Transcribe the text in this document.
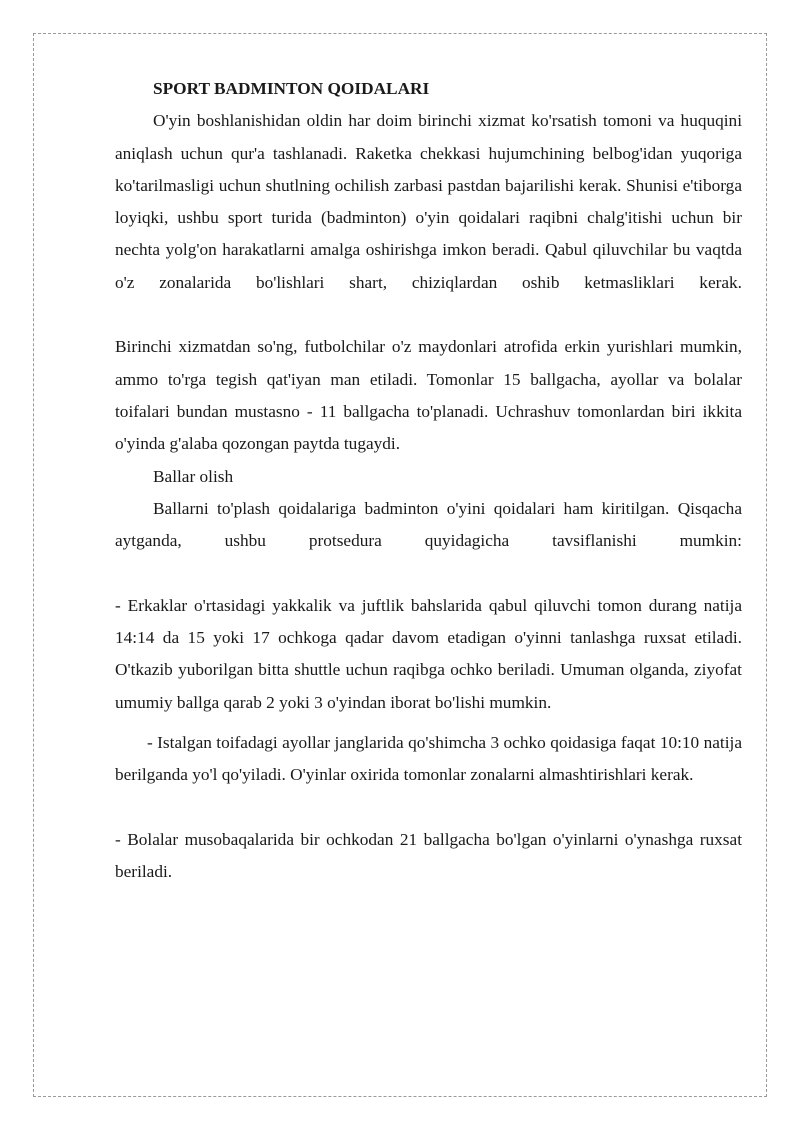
SPORT BADMINTON QOIDALARI

O'yin boshlanishidan oldin har doim birinchi xizmat ko'rsatish tomoni va huquqini aniqlash uchun qur'a tashlanadi. Raketka chekkasi hujumchining belbog'idan yuqoriga ko'tarilmasligi uchun shutlning ochilish zarbasi pastdan bajarilishi kerak. Shunisi e'tiborga loyiqki, ushbu sport turida (badminton) o'yin qoidalari raqibni chalg'itishi uchun bir nechta yolg'on harakatlarni amalga oshirishga imkon beradi. Qabul qiluvchilar bu vaqtda o'z zonalarida bo'lishlari shart, chiziqlardan oshib ketmasliklari kerak.

Birinchi xizmatdan so'ng, futbolchilar o'z maydonlari atrofida erkin yurishlari mumkin, ammo to'rga tegish qat'iyan man etiladi. Tomonlar 15 ballgacha, ayollar va bolalar toifalari bundan mustasno - 11 ballgacha to'planadi. Uchrashuv tomonlardan biri ikkita o'yinda g'alaba qozongan paytda tugaydi.

Ballar olish

Ballarni to'plash qoidalariga badminton o'yini qoidalari ham kiritilgan. Qisqacha aytganda, ushbu protsedura quyidagicha tavsiflanishi mumkin:

- Erkaklar o'rtasidagi yakkalik va juftlik bahslarida qabul qiluvchi tomon durang natija 14:14 da 15 yoki 17 ochkoga qadar davom etadigan o'yinni tanlashga ruxsat etiladi. O'tkazib yuborilgan bitta shuttle uchun raqibga ochko beriladi. Umuman olganda, ziyofat umumiy ballga qarab 2 yoki 3 o'yindan iborat bo'lishi mumkin.

- Istalgan toifadagi ayollar janglarida qo'shimcha 3 ochko qoidasiga faqat 10:10 natija berilganda yo'l qo'yiladi. O'yinlar oxirida tomonlar zonalarni almashtirishlari kerak.

- Bolalar musobaqalarida bir ochkodan 21 ballgacha bo'lgan o'yinlarni o'ynashga ruxsat beriladi.
